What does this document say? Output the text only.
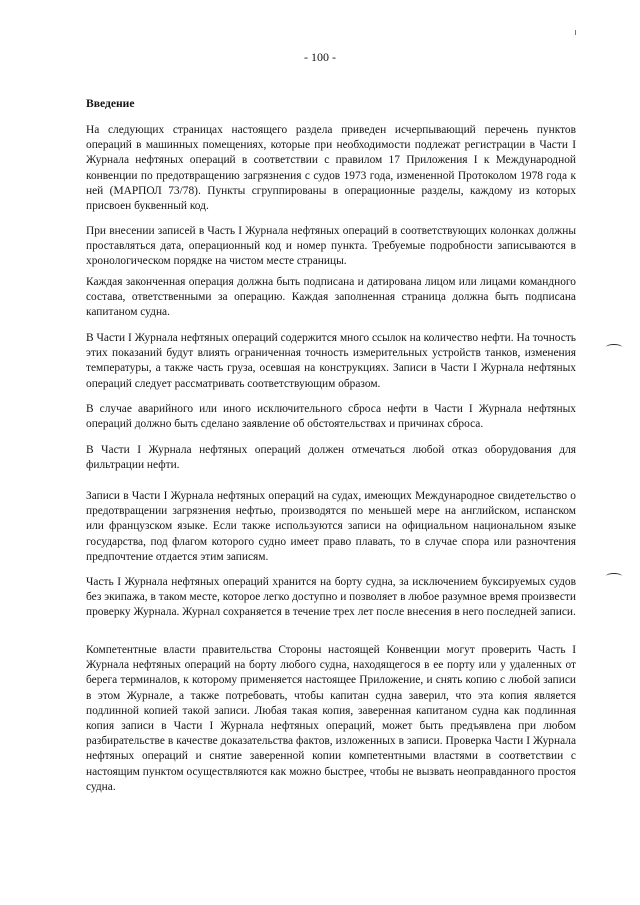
- 100 -
Введение

На следующих страницах настоящего раздела приведен исчерпывающий перечень пунктов операций в машинных помещениях, которые при необходимости подлежат регистрации в Части I Журнала нефтяных операций в соответствии с правилом 17 Приложения I к Международной конвенции по предотвращению загрязнения с судов 1973 года, измененной Протоколом 1978 года к ней (МАРПОЛ 73/78). Пункты сгруппированы в операционные разделы, каждому из которых присвоен буквенный код.

При внесении записей в Часть I Журнала нефтяных операций в соответствующих колонках должны проставляться дата, операционный код и номер пункта. Требуемые подробности записываются в хронологическом порядке на чистом месте страницы.

Каждая законченная операция должна быть подписана и датирована лицом или лицами командного состава, ответственными за операцию. Каждая заполненная страница должна быть подписана капитаном судна.

В Части I Журнала нефтяных операций содержится много ссылок на количество нефти. На точность этих показаний будут влиять ограниченная точность измерительных устройств танков, изменения температуры, а также часть груза, осевшая на конструкциях. Записи в Части I Журнала нефтяных операций следует рассматривать соответствующим образом.

В случае аварийного или иного исключительного сброса нефти в Части I Журнала нефтяных операций должно быть сделано заявление об обстоятельствах и причинах сброса.

В Части I Журнала нефтяных операций должен отмечаться любой отказ оборудования для фильтрации нефти.

Записи в Части I Журнала нефтяных операций на судах, имеющих Международное свидетельство о предотвращении загрязнения нефтью, производятся по меньшей мере на английском, испанском или французском языке. Если также используются записи на официальном национальном языке государства, под флагом которого судно имеет право плавать, то в случае спора или разночтения предпочтение отдается этим записям.

Часть I Журнала нефтяных операций хранится на борту судна, за исключением буксируемых судов без экипажа, в таком месте, которое легко доступно и позволяет в любое разумное время произвести проверку Журнала. Журнал сохраняется в течение трех лет после внесения в него последней записи.

Компетентные власти правительства Стороны настоящей Конвенции могут проверить Часть I Журнала нефтяных операций на борту любого судна, находящегося в ее порту или у удаленных от берега терминалов, к которому применяется настоящее Приложение, и снять копию с любой записи в этом Журнале, а также потребовать, чтобы капитан судна заверил, что эта копия является подлинной копией такой записи. Любая такая копия, заверенная капитаном судна как подлинная копия записи в Части I Журнала нефтяных операций, может быть предъявлена при любом разбирательстве в качестве доказательства фактов, изложенных в записи. Проверка Части I Журнала нефтяных операций и снятие заверенной копии компетентными властями в соответствии с настоящим пунктом осуществляются как можно быстрее, чтобы не вызвать неоправданного простоя судна.
